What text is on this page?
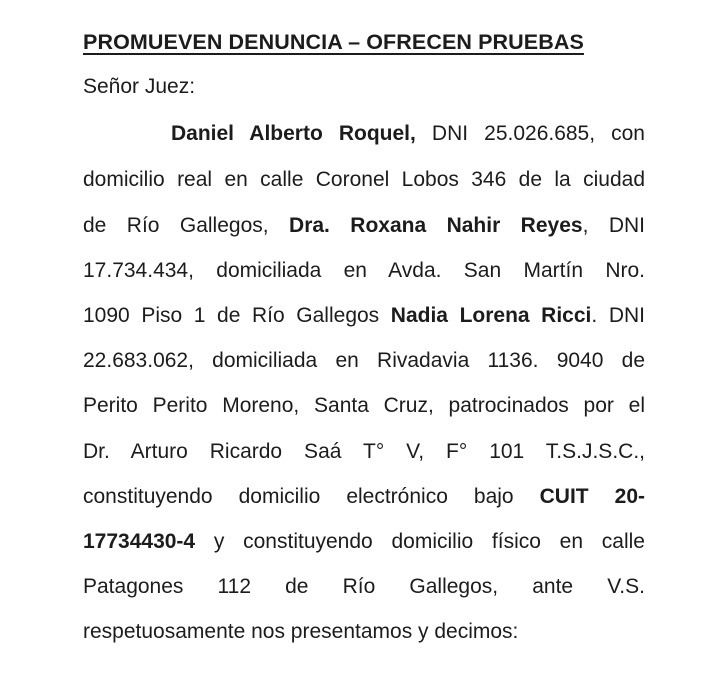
PROMUEVEN DENUNCIA – OFRECEN PRUEBAS
Señor Juez:
Daniel Alberto Roquel, DNI 25.026.685, con
domicilio real en calle Coronel Lobos 346 de la ciudad
de Río Gallegos, Dra. Roxana Nahir Reyes, DNI
17.734.434, domiciliada en Avda. San Martín Nro.
1090 Piso 1 de Río Gallegos Nadia Lorena Ricci. DNI
22.683.062, domiciliada en Rivadavia 1136. 9040 de
Perito Perito Moreno, Santa Cruz, patrocinados por el
Dr. Arturo Ricardo Saá T° V, F° 101 T.S.J.S.C.,
constituyendo domicilio electrónico bajo CUIT 20-
17734430-4 y constituyendo domicilio físico en calle
Patagones 112 de Río Gallegos, ante V.S.
respetuosamente nos presentamos y decimos:
